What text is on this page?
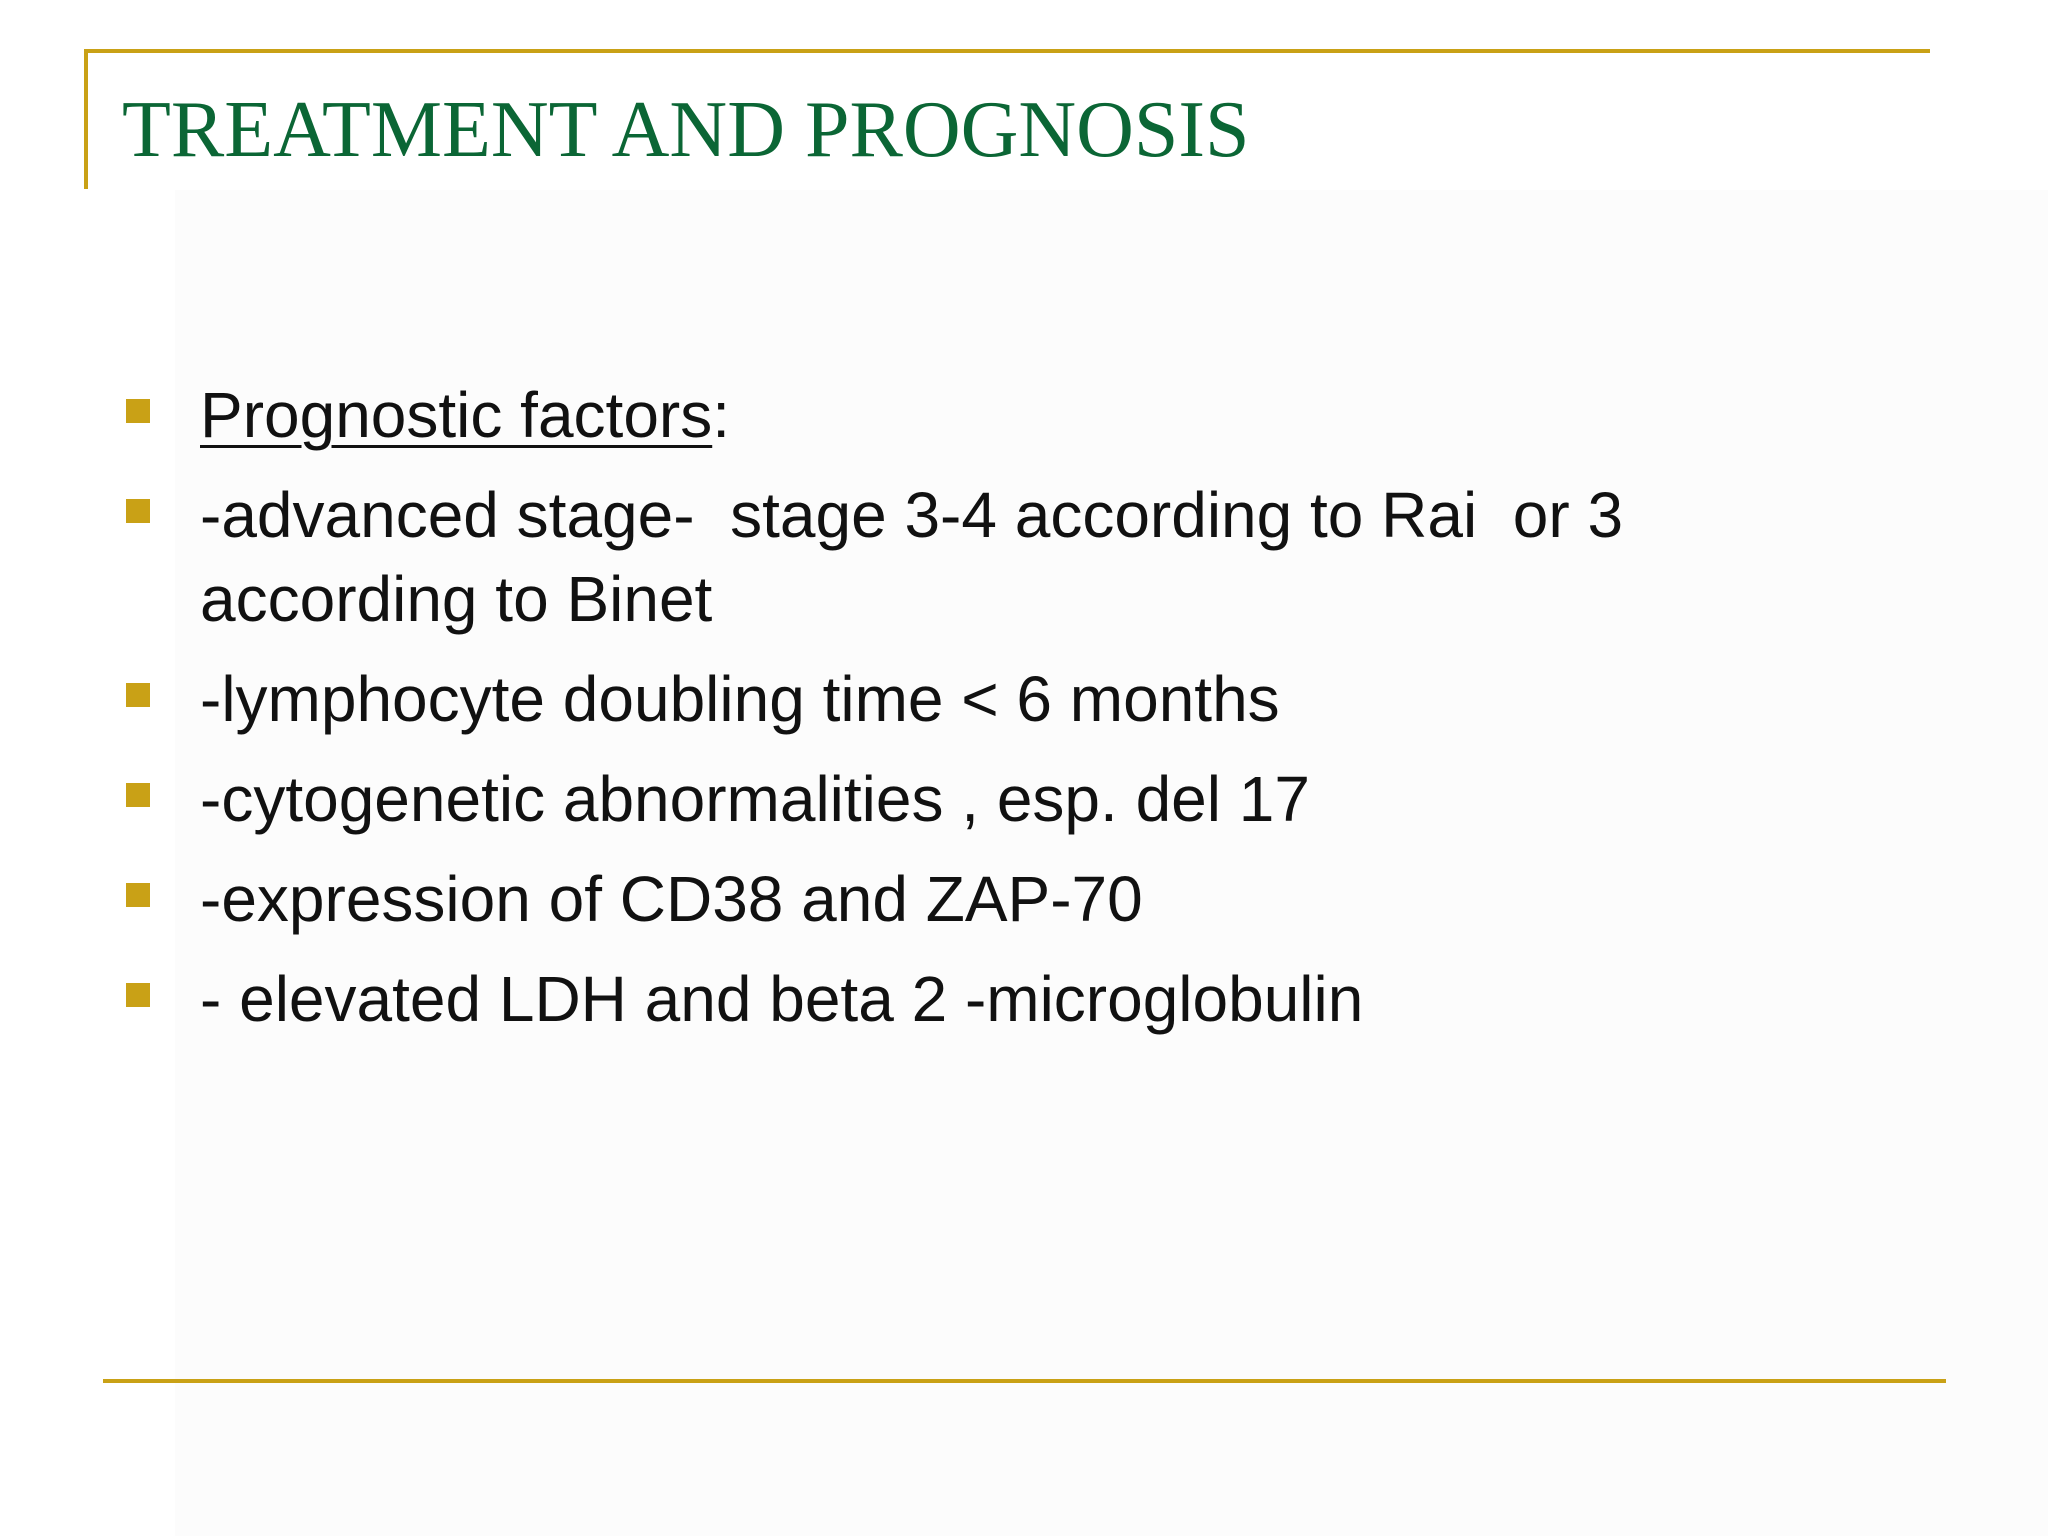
TREATMENT AND PROGNOSIS
Prognostic factors:
-advanced stage-  stage 3-4 according to Rai  or 3 according to Binet
-lymphocyte doubling time < 6 months
-cytogenetic abnormalities , esp. del 17
-expression of CD38 and ZAP-70
- elevated LDH and beta 2 -microglobulin
